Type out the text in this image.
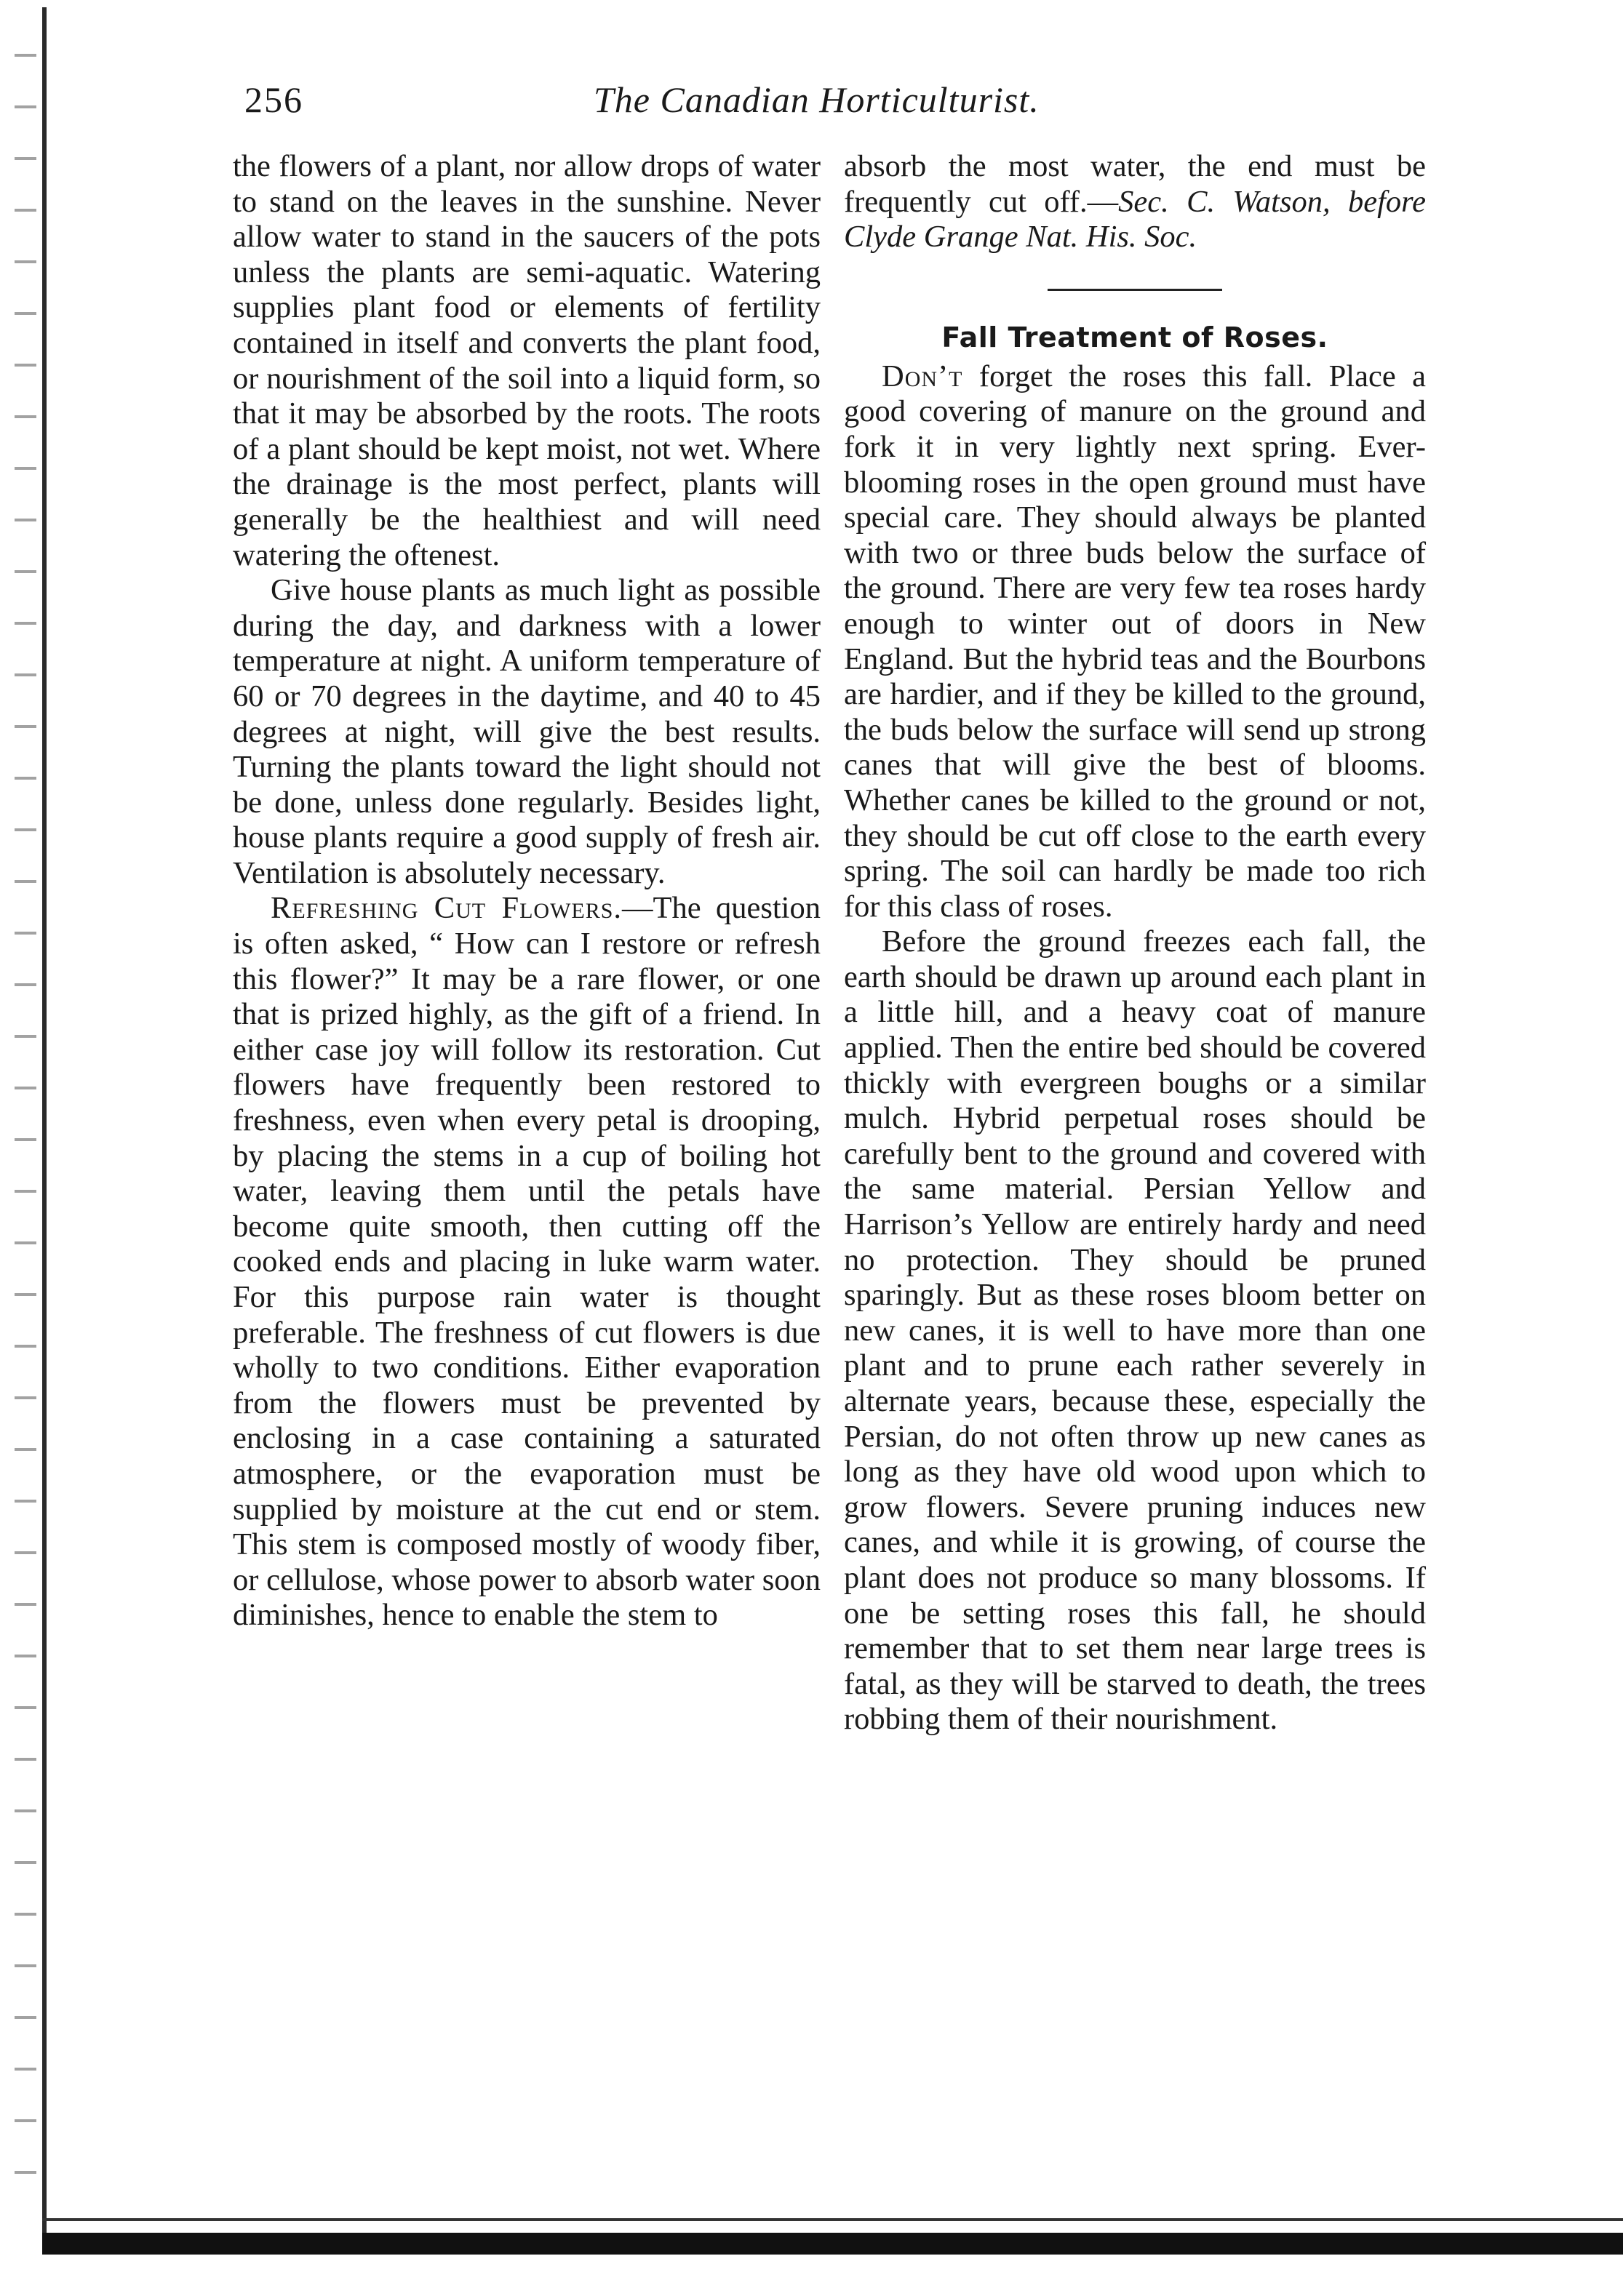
256	The Canadian Horticulturist.

the flowers of a plant, nor allow drops of water to stand on the leaves in the sunshine. Never allow water to stand in the saucers of the pots unless the plants are semi-aquatic. Watering supplies plant food or elements of fertility contained in itself and converts the plant food, or nourishment of the soil into a liquid form, so that it may be absorbed by the roots. The roots of a plant should be kept moist, not wet. Where the drainage is the most perfect, plants will generally be the healthiest and will need watering the oftenest.

Give house plants as much light as possible during the day, and darkness with a lower temperature at night. A uniform temperature of 60 or 70 degrees in the daytime, and 40 to 45 degrees at night, will give the best results. Turning the plants toward the light should not be done, unless done regularly. Besides light, house plants require a good supply of fresh air. Ventilation is absolutely necessary.

Refreshing Cut Flowers.—The question is often asked, “ How can I restore or refresh this flower?” It may be a rare flower, or one that is prized highly, as the gift of a friend. In either case joy will follow its restoration. Cut flowers have frequently been restored to freshness, even when every petal is drooping, by placing the stems in a cup of boiling hot water, leaving them until the petals have become quite smooth, then cutting off the cooked ends and placing in luke warm water. For this purpose rain water is thought preferable. The freshness of cut flowers is due wholly to two conditions. Either evaporation from the flowers must be prevented by enclosing in a case containing a saturated atmosphere, or the evaporation must be supplied by moisture at the cut end or stem. This stem is composed mostly of woody fiber, or cellulose, whose power to absorb water soon diminishes, hence to enable the stem to

absorb the most water, the end must be frequently cut off.—Sec. C. Watson, before Clyde Grange Nat. His. Soc.

Fall Treatment of Roses.

Don’t forget the roses this fall. Place a good covering of manure on the ground and fork it in very lightly next spring. Ever-blooming roses in the open ground must have special care. They should always be planted with two or three buds below the surface of the ground. There are very few tea roses hardy enough to winter out of doors in New England. But the hybrid teas and the Bourbons are hardier, and if they be killed to the ground, the buds below the surface will send up strong canes that will give the best of blooms. Whether canes be killed to the ground or not, they should be cut off close to the earth every spring. The soil can hardly be made too rich for this class of roses.

Before the ground freezes each fall, the earth should be drawn up around each plant in a little hill, and a heavy coat of manure applied. Then the entire bed should be covered thickly with evergreen boughs or a similar mulch. Hybrid perpetual roses should be carefully bent to the ground and covered with the same material. Persian Yellow and Harrison’s Yellow are entirely hardy and need no protection. They should be pruned sparingly. But as these roses bloom better on new canes, it is well to have more than one plant and to prune each rather severely in alternate years, because these, especially the Persian, do not often throw up new canes as long as they have old wood upon which to grow flowers. Severe pruning induces new canes, and while it is growing, of course the plant does not produce so many blossoms. If one be setting roses this fall, he should remember that to set them near large trees is fatal, as they will be starved to death, the trees robbing them of their nourishment.
